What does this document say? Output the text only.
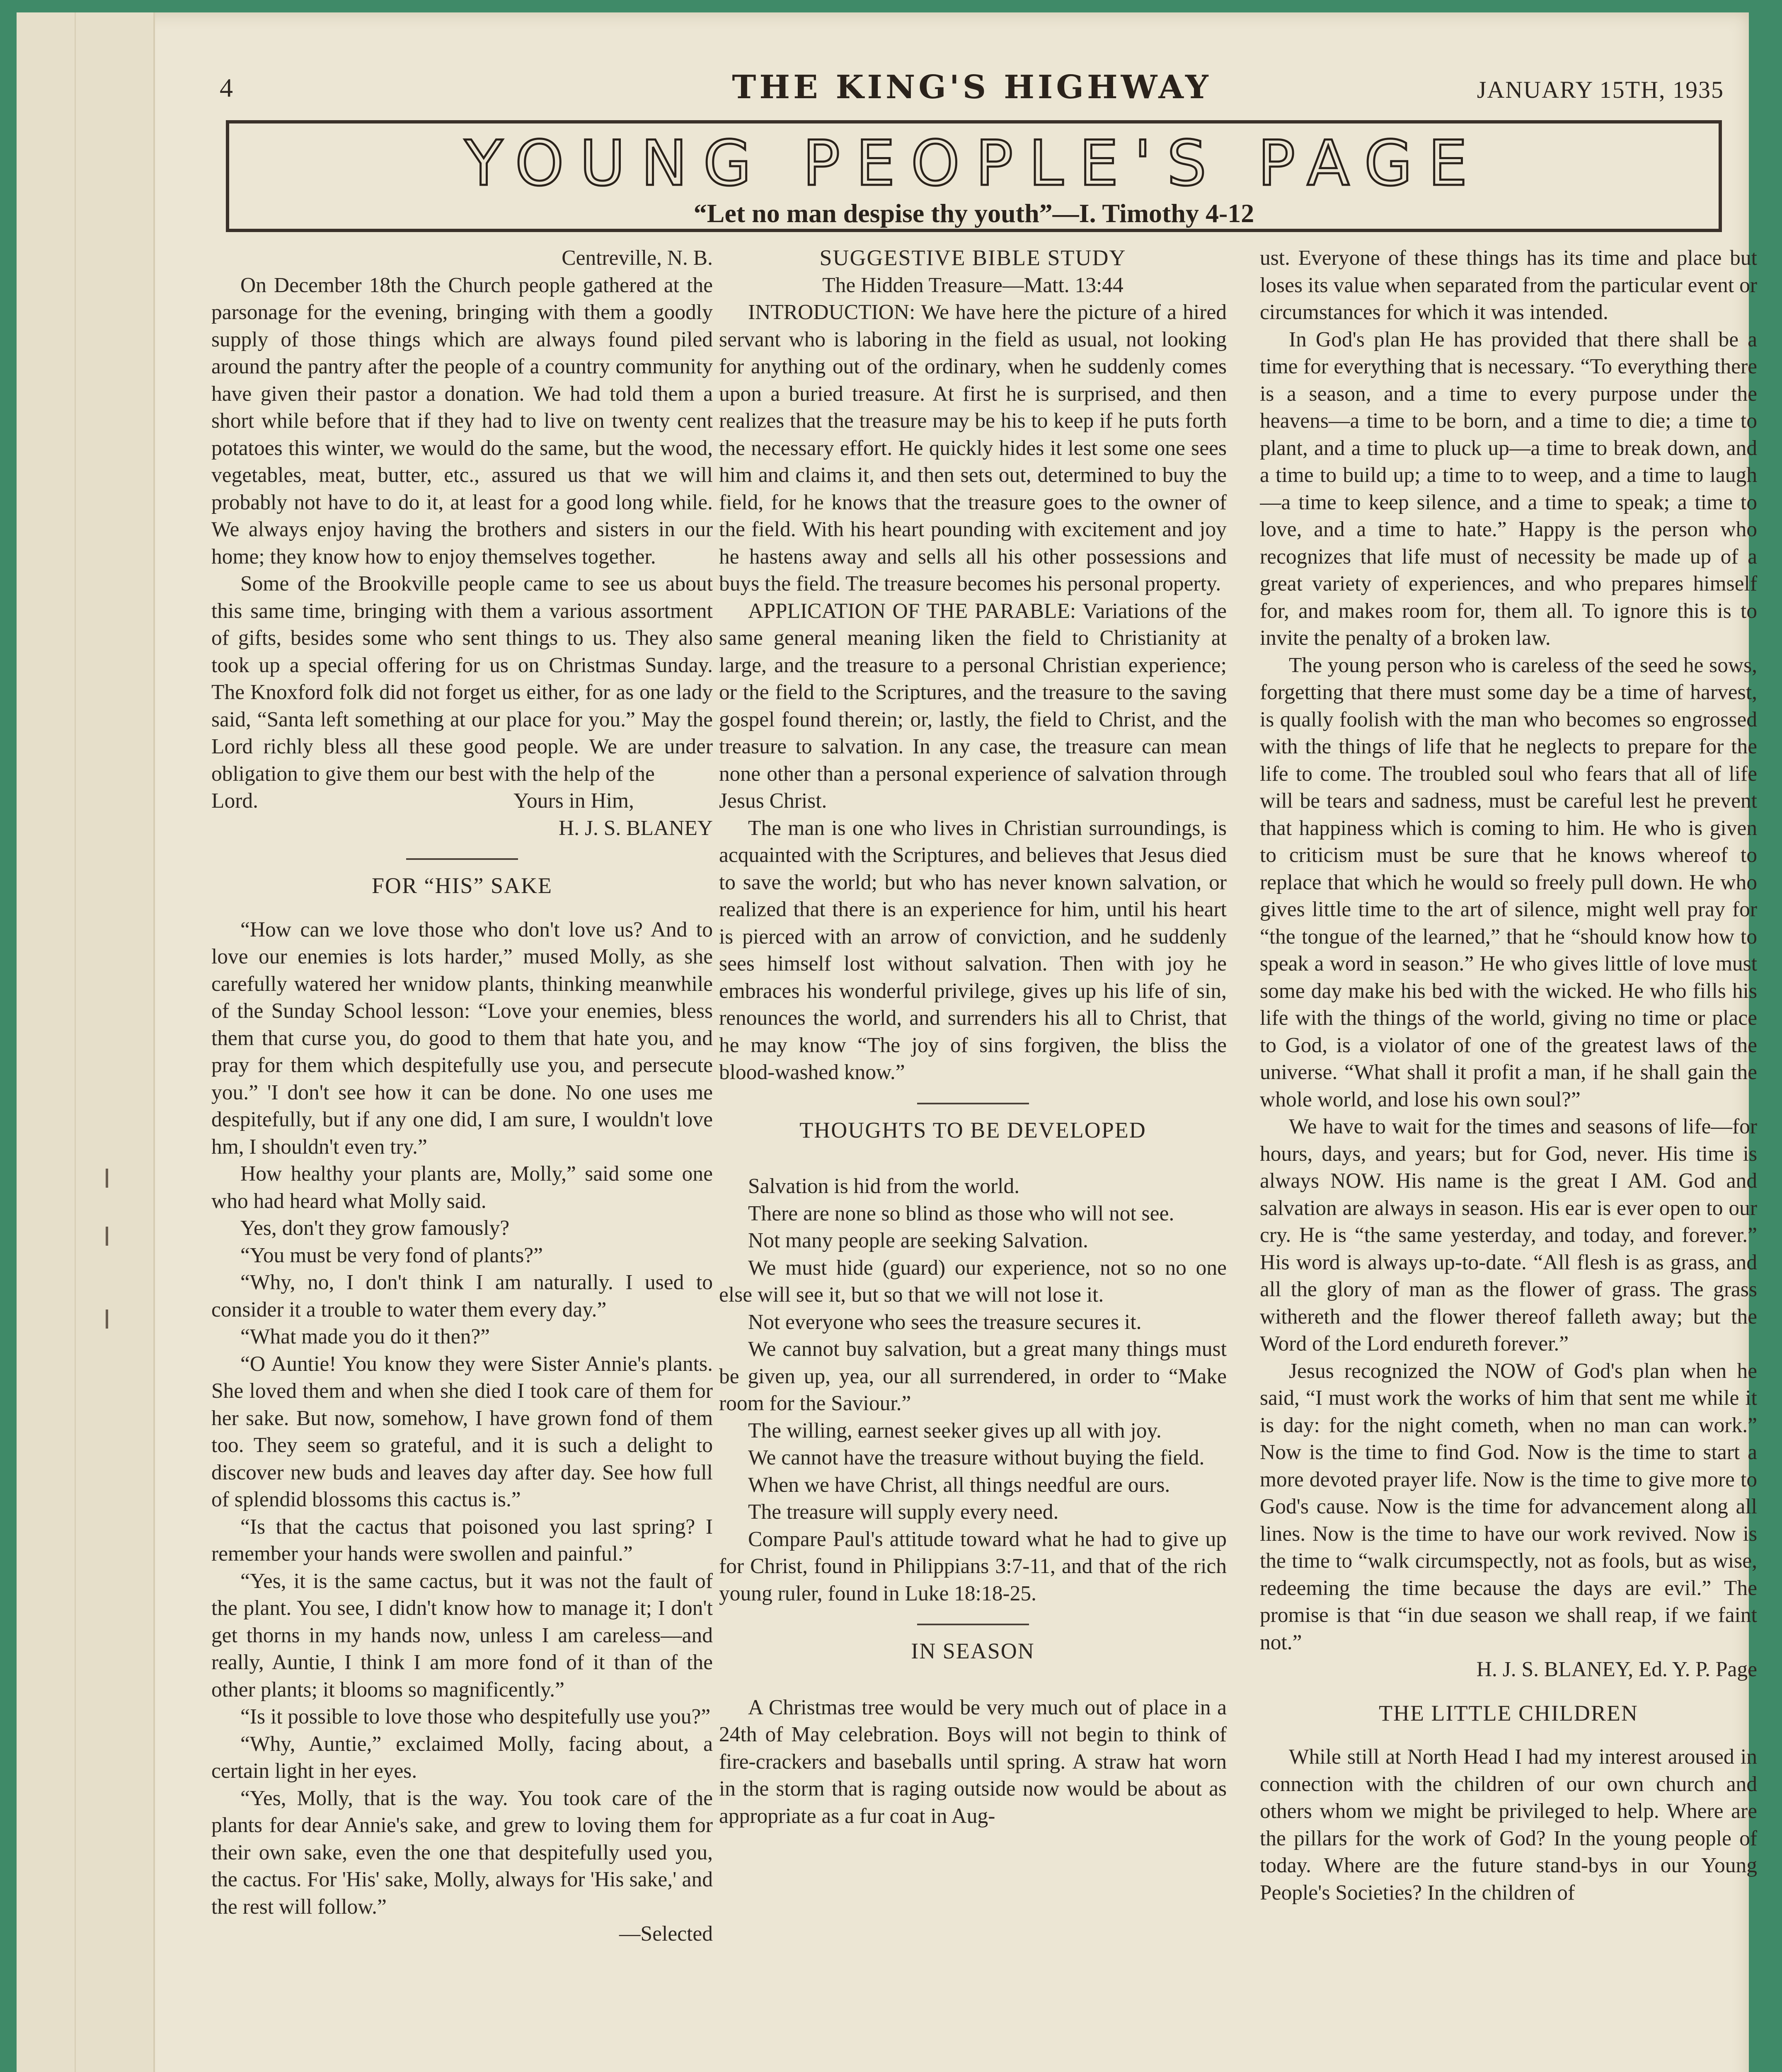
4	THE KING'S HIGHWAY	JANUARY 15TH, 1935
YOUNG PEOPLE'S PAGE
“Let no man despise thy youth”—I. Timothy 4-12

Centreville, N. B.

On December 18th the Church people gathered at the parsonage for the evening, bringing with them a goodly supply of those things which are always found piled around the pantry after the people of a country community have given their pastor a donation. We had told them a short while before that if they had to live on twenty cent potatoes this winter, we would do the same, but the wood, vegetables, meat, butter, etc., assured us that we will probably not have to do it, at least for a good long while. We always enjoy having the brothers and sisters in our home; they know how to enjoy themselves together.

Some of the Brookville people came to see us about this same time, bringing with them a various assortment of gifts, besides some who sent things to us. They also took up a special offering for us on Christmas Sunday. The Knoxford folk did not forget us either, for as one lady said, “Santa left something at our place for you.” May the Lord richly bless all these good people. We are under obligation to give them our best with the help of the

Lord.	Yours in Him,

H. J. S. BLANEY

FOR “HIS” SAKE

“How can we love those who don't love us? And to love our enemies is lots harder,” mused Molly, as she carefully watered her wnidow plants, thinking meanwhile of the Sunday School lesson: “Love your enemies, bless them that curse you, do good to them that hate you, and pray for them which despitefully use you, and persecute you.” 'I don't see how it can be done. No one uses me despitefully, but if any one did, I am sure, I wouldn't love hm, I shouldn't even try.”

How healthy your plants are, Molly,” said some one who had heard what Molly said.

Yes, don't they grow famously?

“You must be very fond of plants?”

“Why, no, I don't think I am naturally. I used to consider it a trouble to water them every day.”

“What made you do it then?”

“O Auntie! You know they were Sister Annie's plants. She loved them and when she died I took care of them for her sake. But now, somehow, I have grown fond of them too. They seem so grateful, and it is such a delight to discover new buds and leaves day after day. See how full of splendid blossoms this cactus is.”

“Is that the cactus that poisoned you last spring? I remember your hands were swollen and painful.”

“Yes, it is the same cactus, but it was not the fault of the plant. You see, I didn't know how to manage it; I don't get thorns in my hands now, unless I am careless—and really, Auntie, I think I am more fond of it than of the other plants; it blooms so magnificently.”

“Is it possible to love those who despitefully use you?”

“Why, Auntie,” exclaimed Molly, facing about, a certain light in her eyes.

“Yes, Molly, that is the way. You took care of the plants for dear Annie's sake, and grew to loving them for their own sake, even the one that despitefully used you, the cactus. For 'His' sake, Molly, always for 'His sake,' and the rest will follow.”

—Selected

SUGGESTIVE BIBLE STUDY

The Hidden Treasure—Matt. 13:44

INTRODUCTION: We have here the picture of a hired servant who is laboring in the field as usual, not looking for anything out of the ordinary, when he suddenly comes upon a buried treasure. At first he is surprised, and then realizes that the treasure may be his to keep if he puts forth the necessary effort. He quickly hides it lest some one sees him and claims it, and then sets out, determined to buy the field, for he knows that the treasure goes to the owner of the field. With his heart pounding with excitement and joy he hastens away and sells all his other possessions and buys the field. The treasure becomes his personal property.

APPLICATION OF THE PARABLE: Variations of the same general meaning liken the field to Christianity at large, and the treasure to a personal Christian experience; or the field to the Scriptures, and the treasure to the saving gospel found therein; or, lastly, the field to Christ, and the treasure to salvation. In any case, the treasure can mean none other than a personal experience of salvation through Jesus Christ.

The man is one who lives in Christian surroundings, is acquainted with the Scriptures, and believes that Jesus died to save the world; but who has never known salvation, or realized that there is an experience for him, until his heart is pierced with an arrow of conviction, and he suddenly sees himself lost without salvation. Then with joy he embraces his wonderful privilege, gives up his life of sin, renounces the world, and surrenders his all to Christ, that he may know “The joy of sins forgiven, the bliss the blood-washed know.”

THOUGHTS TO BE DEVELOPED

Salvation is hid from the world.

There are none so blind as those who will not see.

Not many people are seeking Salvation.

We must hide (guard) our experience, not so no one else will see it, but so that we will not lose it.

Not everyone who sees the treasure secures it.

We cannot buy salvation, but a great many things must be given up, yea, our all surrendered, in order to “Make room for the Saviour.”

The willing, earnest seeker gives up all with joy.

We cannot have the treasure without buying the field.

When we have Christ, all things needful are ours.

The treasure will supply every need.

Compare Paul's attitude toward what he had to give up for Christ, found in Philippians 3:7-11, and that of the rich young ruler, found in Luke 18:18-25.

IN SEASON

A Christmas tree would be very much out of place in a 24th of May celebration. Boys will not begin to think of fire-crackers and baseballs until spring. A straw hat worn in the storm that is raging outside now would be about as appropriate as a fur coat in Aug-

ust. Everyone of these things has its time and place but loses its value when separated from the particular event or circumstances for which it was intended.

In God's plan He has provided that there shall be a time for everything that is necessary. “To everything there is a season, and a time to every purpose under the heavens—a time to be born, and a time to die; a time to plant, and a time to pluck up—a time to break down, and a time to build up; a time to to weep, and a time to laugh—a time to keep silence, and a time to speak; a time to love, and a time to hate.” Happy is the person who recognizes that life must of necessity be made up of a great variety of experiences, and who prepares himself for, and makes room for, them all. To ignore this is to invite the penalty of a broken law.

The young person who is careless of the seed he sows, forgetting that there must some day be a time of harvest, is qually foolish with the man who becomes so engrossed with the things of life that he neglects to prepare for the life to come. The troubled soul who fears that all of life will be tears and sadness, must be careful lest he prevent that happiness which is coming to him. He who is given to criticism must be sure that he knows whereof to replace that which he would so freely pull down. He who gives little time to the art of silence, might well pray for “the tongue of the learned,” that he “should know how to speak a word in season.” He who gives little of love must some day make his bed with the wicked. He who fills his life with the things of the world, giving no time or place to God, is a violator of one of the greatest laws of the universe. “What shall it profit a man, if he shall gain the whole world, and lose his own soul?”

We have to wait for the times and seasons of life—for hours, days, and years; but for God, never. His time is always NOW. His name is the great I AM. God and salvation are always in season. His ear is ever open to our cry. He is “the same yesterday, and today, and forever.” His word is always up-to-date. “All flesh is as grass, and all the glory of man as the flower of grass. The grass withereth and the flower thereof falleth away; but the Word of the Lord endureth forever.”

Jesus recognized the NOW of God's plan when he said, “I must work the works of him that sent me while it is day: for the night cometh, when no man can work.” Now is the time to find God. Now is the time to start a more devoted prayer life. Now is the time to give more to God's cause. Now is the time for advancement along all lines. Now is the time to have our work revived. Now is the time to “walk circumspectly, not as fools, but as wise, redeeming the time because the days are evil.” The promise is that “in due season we shall reap, if we faint not.”

H. J. S. BLANEY, Ed. Y. P. Page

THE LITTLE CHILDREN

While still at North Head I had my interest aroused in connection with the children of our own church and others whom we might be privileged to help. Where are the pillars for the work of God? In the young people of today. Where are the future stand-bys in our Young People's Societies? In the children of
